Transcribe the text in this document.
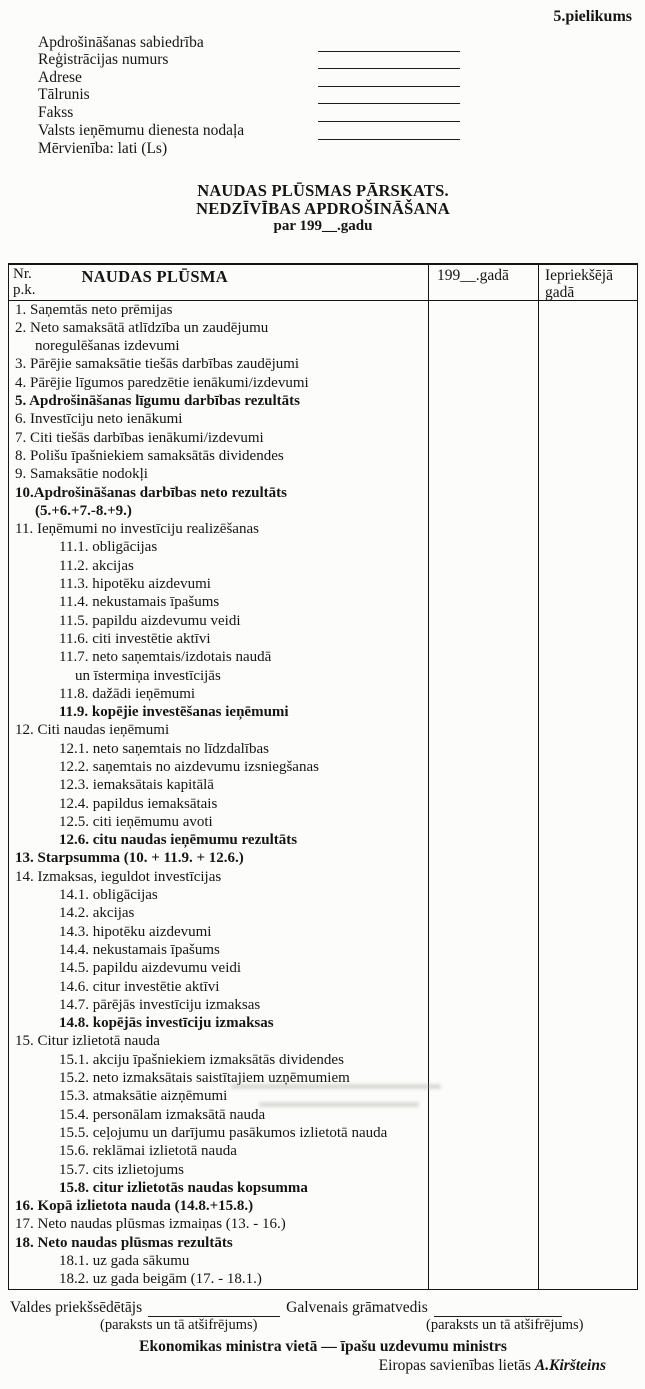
5.pielikums
Apdrošināšanas sabiedrība
Reģistrācijas numurs
Adrese
Tālrunis
Fakss
Valsts ieņēmumu dienesta nodaļa
Mērvienība: lati (Ls)
NAUDAS PLŪSMAS PĀRSKATS.
NEDZĪVĪBAS APDROŠINĀŠANA
par 199__.gadu
Nr.
p.k.
NAUDAS PLŪSMA	199__.gadā	Iepriekšējā
gadā
1. Saņemtās neto prēmijas
2. Neto samaksātā atlīdzība un zaudējumu
noregulēšanas izdevumi
3. Pārējie samaksātie tiešās darbības zaudējumi
4. Pārējie līgumos paredzētie ienākumi/izdevumi
5. Apdrošināšanas līgumu darbības rezultāts
6. Investīciju neto ienākumi
7. Citi tiešās darbības ienākumi/izdevumi
8. Polišu īpašniekiem samaksātās dividendes
9. Samaksātie nodokļi
10.Apdrošināšanas darbības neto rezultāts
(5.+6.+7.-8.+9.)
11. Ieņēmumi no investīciju realizēšanas
11.1. obligācijas
11.2. akcijas
11.3. hipotēku aizdevumi
11.4. nekustamais īpašums
11.5. papildu aizdevumu veidi
11.6. citi investētie aktīvi
11.7. neto saņemtais/izdotais naudā
un īstermiņa investīcijās
11.8. dažādi ieņēmumi
11.9. kopējie investēšanas ieņēmumi
12. Citi naudas ieņēmumi
12.1. neto saņemtais no līdzdalības
12.2. saņemtais no aizdevumu izsniegšanas
12.3. iemaksātais kapitālā
12.4. papildus iemaksātais
12.5. citi ieņēmumu avoti
12.6. citu naudas ieņēmumu rezultāts
13. Starpsumma (10. + 11.9. + 12.6.)
14. Izmaksas, ieguldot investīcijas
14.1. obligācijas
14.2. akcijas
14.3. hipotēku aizdevumi
14.4. nekustamais īpašums
14.5. papildu aizdevumu veidi
14.6. citur investētie aktīvi
14.7. pārējās investīciju izmaksas
14.8. kopējās investīciju izmaksas
15. Citur izlietotā nauda
15.1. akciju īpašniekiem izmaksātās dividendes
15.2. neto izmaksātais saistītajiem uzņēmumiem
15.3. atmaksātie aizņēmumi
15.4. personālam izmaksātā nauda
15.5. ceļojumu un darījumu pasākumos izlietotā nauda
15.6. reklāmai izlietotā nauda
15.7. cits izlietojums
15.8. citur izlietotās naudas kopsumma
16. Kopā izlietota nauda (14.8.+15.8.)
17. Neto naudas plūsmas izmaiņas (13. - 16.)
18. Neto naudas plūsmas rezultāts
18.1. uz gada sākumu
18.2. uz gada beigām (17. - 18.1.)
Valdes priekšsēdētājs	Galvenais grāmatvedis
(paraksts un tā atšifrējums)	(paraksts un tā atšifrējums)
Ekonomikas ministra vietā — īpašu uzdevumu ministrs
Eiropas savienības lietās A.Kiršteins
